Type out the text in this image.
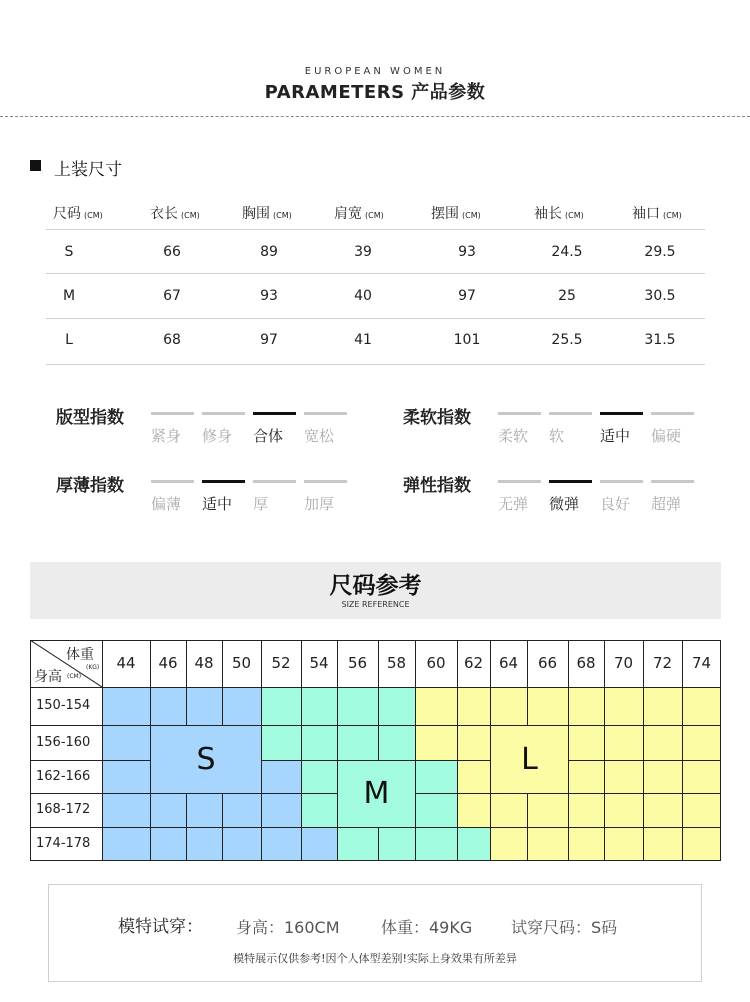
EUROPEAN WOMEN
PARAMETERS 产品参数
上装尺寸
尺码 (CM)	衣长 (CM)	胸围 (CM)	肩宽 (CM)	摆围 (CM)	袖长 (CM)	袖口 (CM)
S	66	89	39	93	24.5	29.5
M	67	93	40	97	25	30.5
L	68	97	41	101	25.5	31.5
版型指数
紧身 修身 合体 宽松
柔软指数
柔软 软 适中 偏硬
厚薄指数
偏薄 适中 厚 加厚
弹性指数
无弹 微弹 良好 超弹
尺码参考
SIZE REFERENCE
S
M
L
体重
(KG)
身高 (CM)
44	46	48	50	52	54	56	58	60	62	64	66	68	70	72	74
150-154
156-160
162-166
168-172
174-178
模特试穿： 身高：160CM	体重：49KG 试穿尺码：S码
模特展示仅供参考!因个人体型差别!实际上身效果有所差异
